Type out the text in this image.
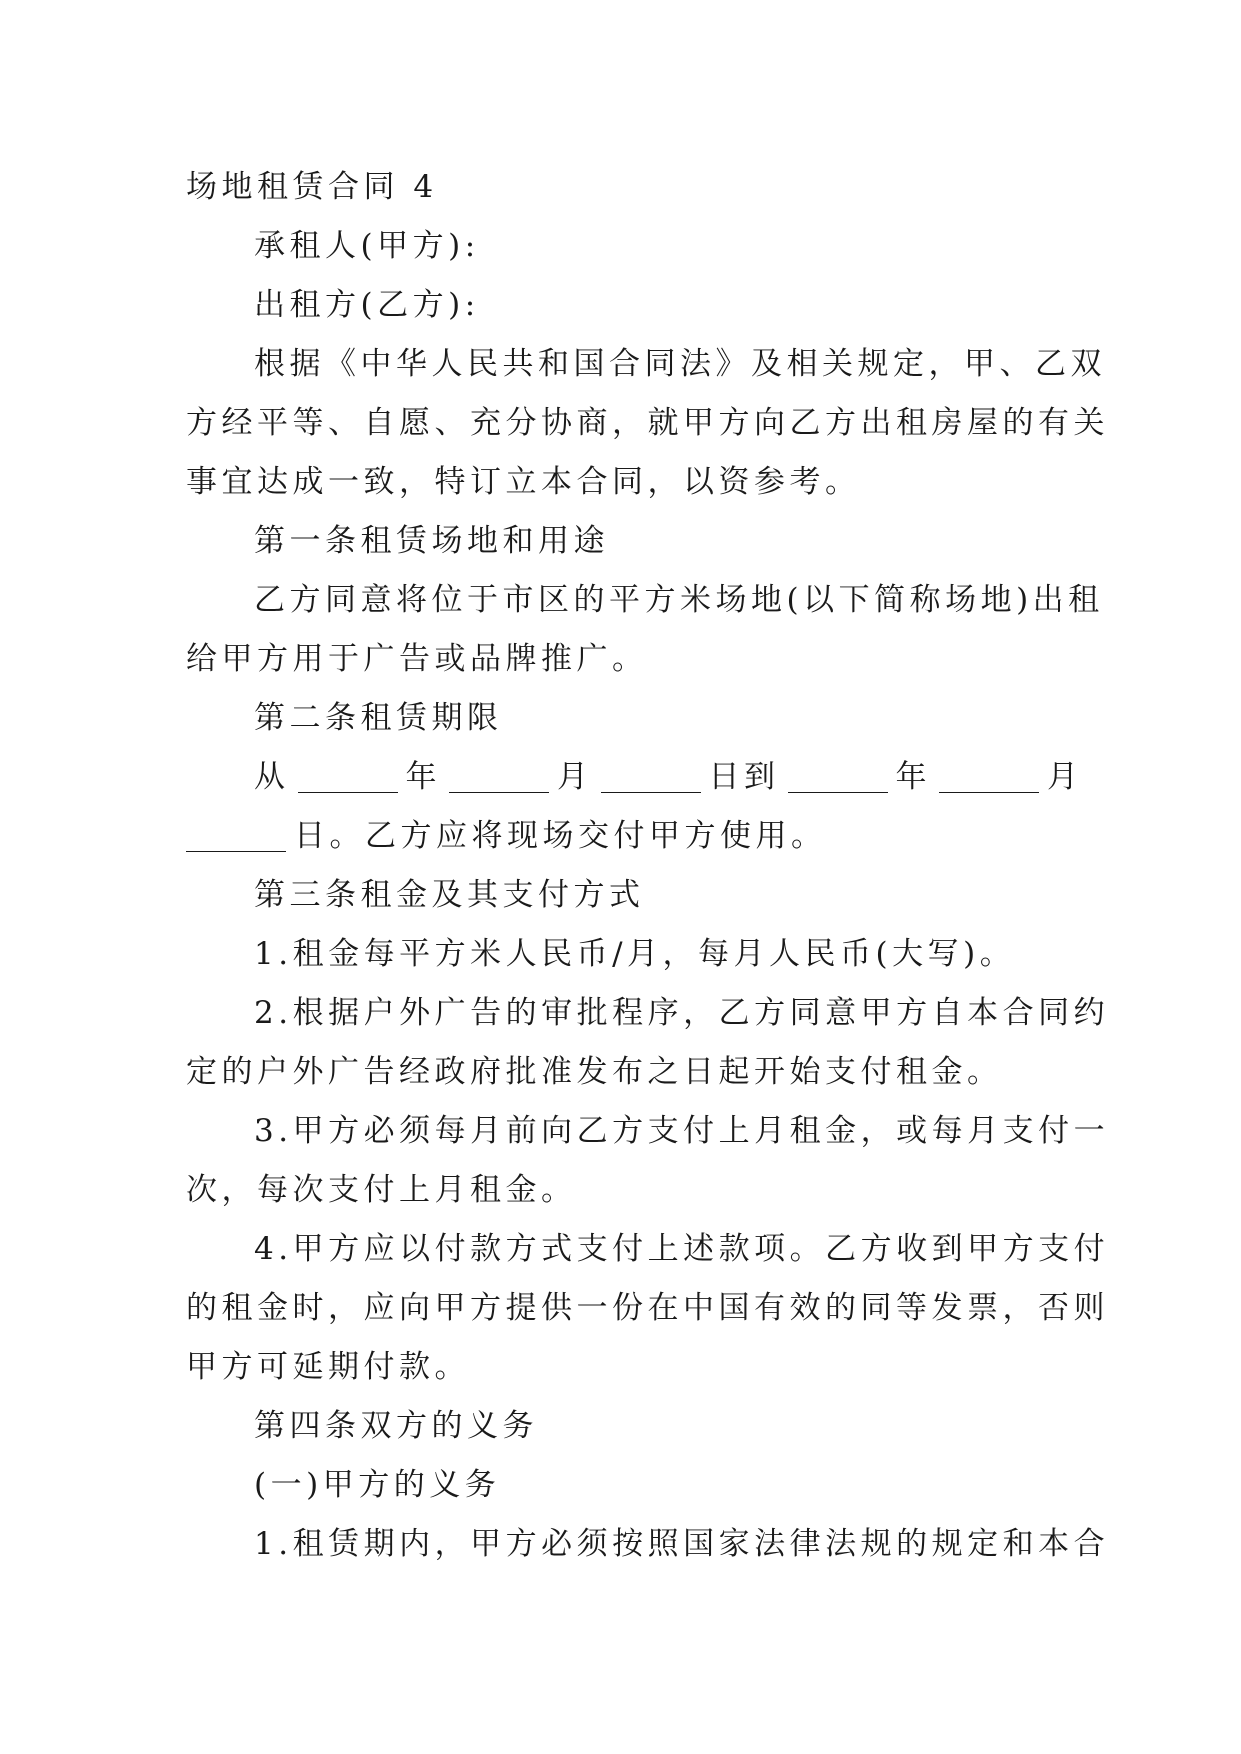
场地租赁合同 4
承租人(甲方):
出租方(乙方):
根据《中华人民共和国合同法》及相关规定，甲、乙双
方经平等、自愿、充分协商，就甲方向乙方出租房屋的有关
事宜达成一致，特订立本合同，以资参考。
第一条租赁场地和用途
乙方同意将位于市区的平方米场地(以下简称场地)出租
给甲方用于广告或品牌推广。
第二条租赁期限
从	年	月	日到	年	月
日。乙方应将现场交付甲方使用。
第三条租金及其支付方式
1.租金每平方米人民币/月，每月人民币(大写)。
2.根据户外广告的审批程序，乙方同意甲方自本合同约
定的户外广告经政府批准发布之日起开始支付租金。
3.甲方必须每月前向乙方支付上月租金，或每月支付一
次，每次支付上月租金。
4.甲方应以付款方式支付上述款项。乙方收到甲方支付
的租金时，应向甲方提供一份在中国有效的同等发票，否则
甲方可延期付款。
第四条双方的义务
(一)甲方的义务
1.租赁期内，甲方必须按照国家法律法规的规定和本合
